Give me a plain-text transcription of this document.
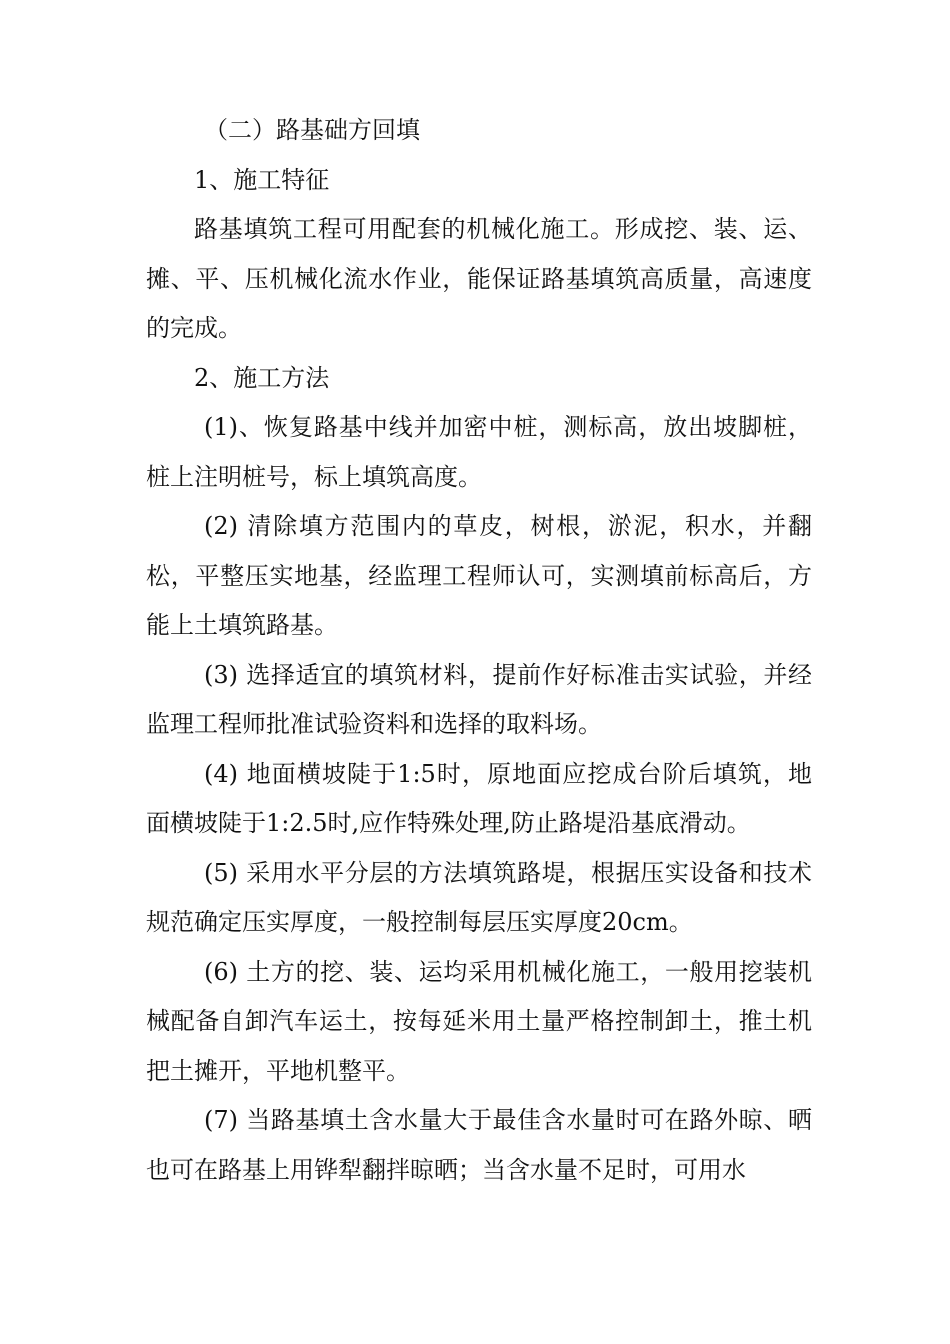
（二）路基础方回填

1、施工特征

路基填筑工程可用配套的机械化施工。形成挖、装、运、摊、平、压机械化流水作业，能保证路基填筑高质量，高速度的完成。

2、施工方法

(1)、恢复路基中线并加密中桩，测标高，放出坡脚桩，桩上注明桩号，标上填筑高度。

(2) 清除填方范围内的草皮，树根，淤泥，积水，并翻松，平整压实地基，经监理工程师认可，实测填前标高后，方能上土填筑路基。

(3) 选择适宜的填筑材料，提前作好标准击实试验，并经监理工程师批准试验资料和选择的取料场。

(4) 地面横坡陡于1:5时，原地面应挖成台阶后填筑，地面横坡陡于1:2.5时,应作特殊处理,防止路堤沿基底滑动。

(5) 采用水平分层的方法填筑路堤，根据压实设备和技术规范确定压实厚度，一般控制每层压实厚度20cm。

(6) 土方的挖、装、运均采用机械化施工，一般用挖装机械配备自卸汽车运土，按每延米用土量严格控制卸土，推土机把土摊开，平地机整平。

(7) 当路基填土含水量大于最佳含水量时可在路外晾、晒也可在路基上用铧犁翻拌晾晒；当含水量不足时，可用水
